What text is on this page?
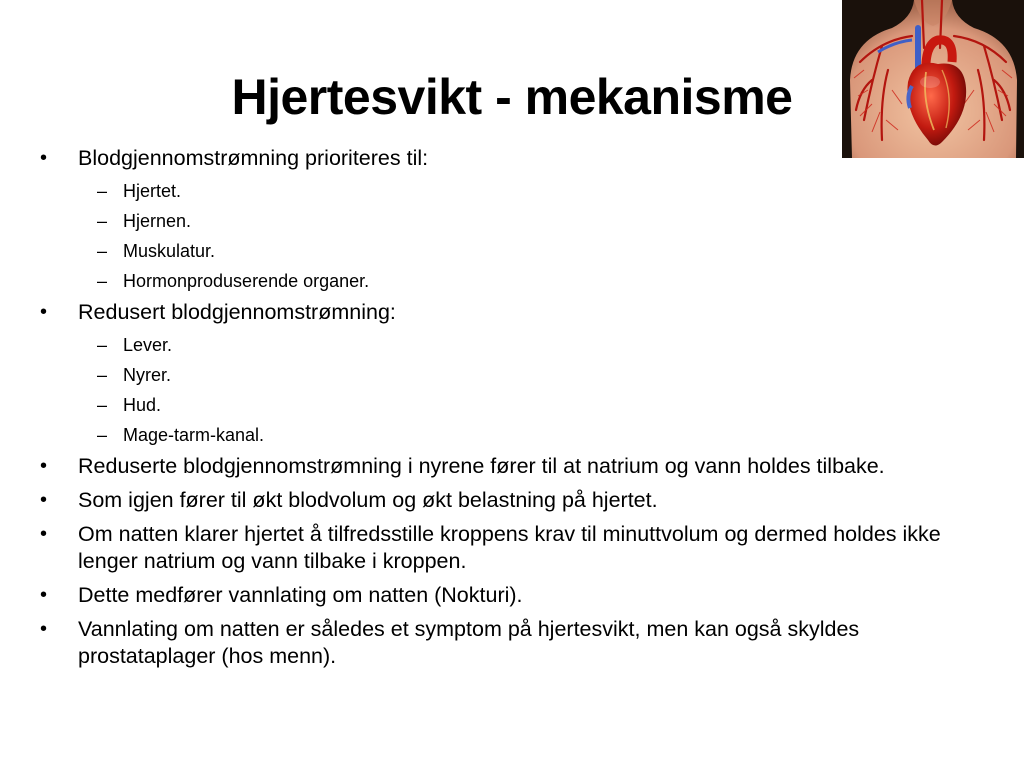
Hjertesvikt - mekanisme
• Blodgjennomstrømning prioriteres til:
– Hjertet.
– Hjernen.
– Muskulatur.
– Hormonproduserende organer.
• Redusert blodgjennomstrømning:
– Lever.
– Nyrer.
– Hud.
– Mage-tarm-kanal.
• Reduserte blodgjennomstrømning i nyrene fører til at natrium og vann holdes tilbake.
• Som igjen fører til økt blodvolum og økt belastning på hjertet.
• Om natten klarer hjertet å tilfredsstille kroppens krav til minuttvolum og dermed holdes ikke lenger natrium og vann tilbake i kroppen.
• Dette medfører vannlating om natten (Nokturi).
• Vannlating om natten er således et symptom på hjertesvikt, men kan også skyldes prostataplager (hos menn).
